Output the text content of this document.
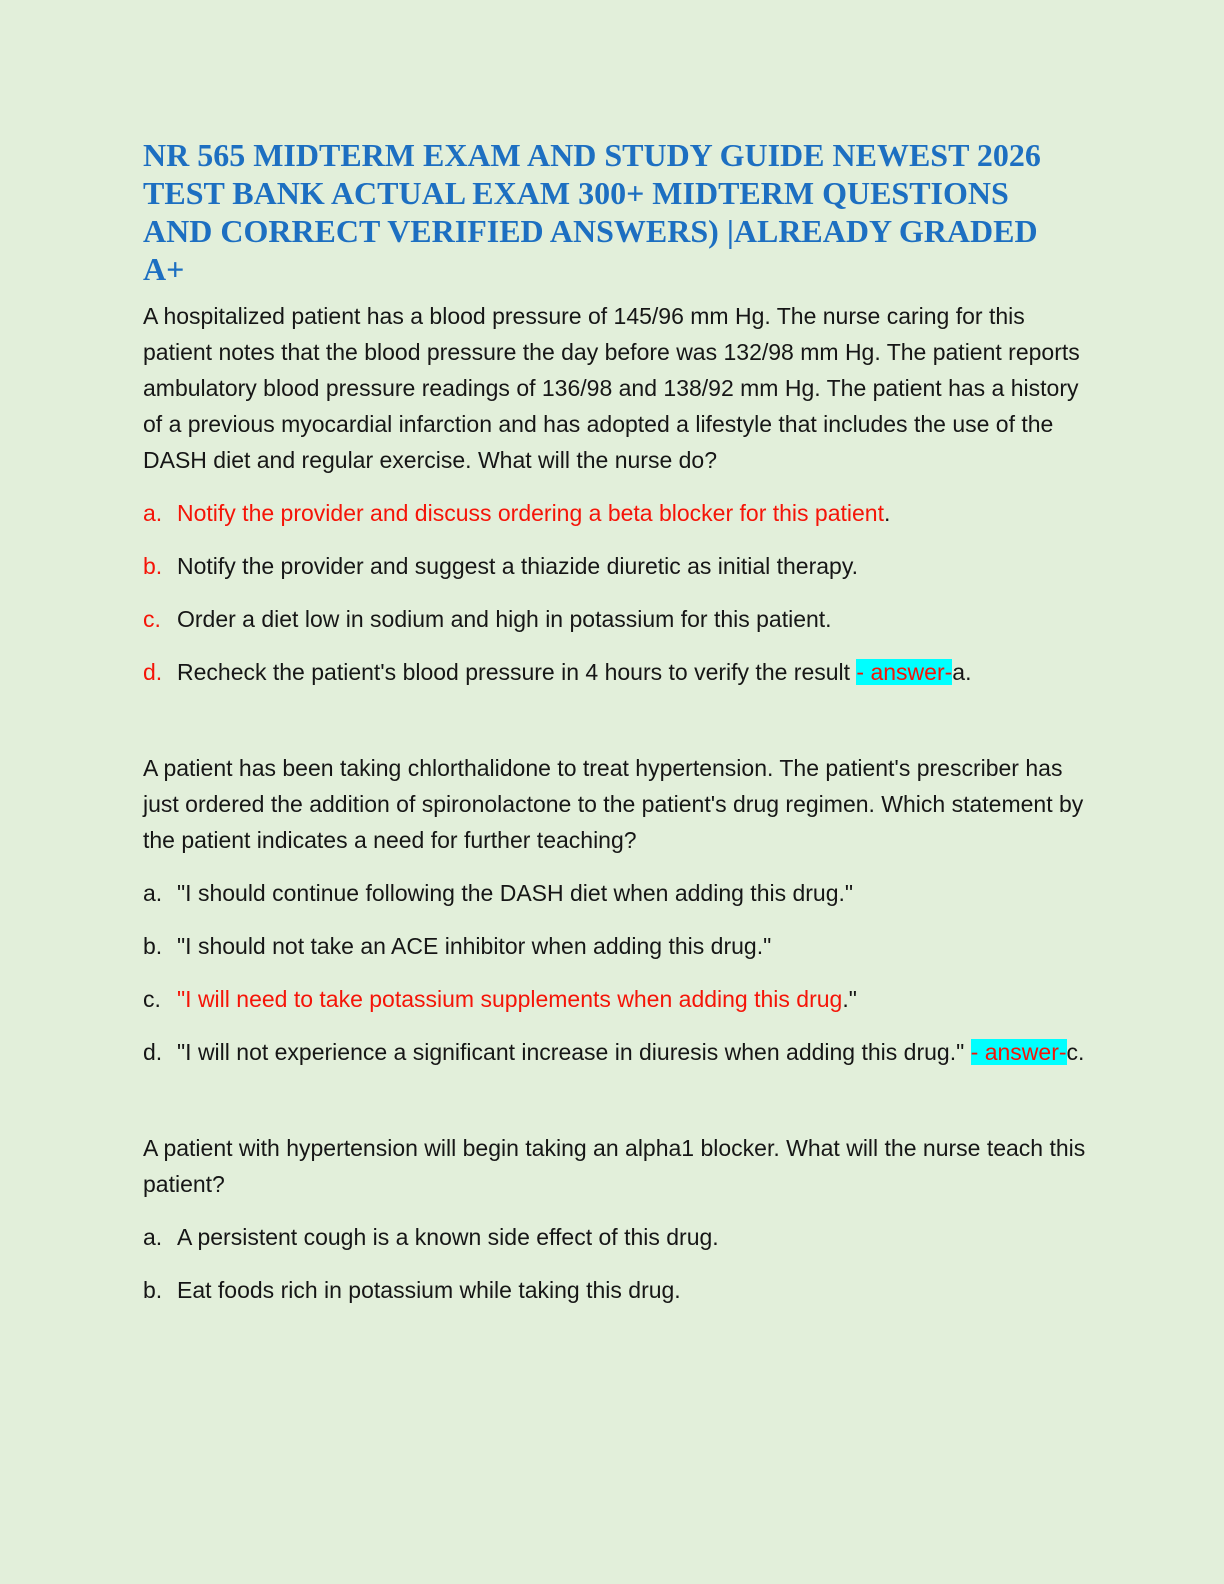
NR 565 MIDTERM EXAM AND STUDY GUIDE NEWEST 2026 TEST BANK ACTUAL EXAM 300+ MIDTERM QUESTIONS AND CORRECT VERIFIED ANSWERS) |ALREADY GRADED A+

A hospitalized patient has a blood pressure of 145/96 mm Hg. The nurse caring for this patient notes that the blood pressure the day before was 132/98 mm Hg. The patient reports ambulatory blood pressure readings of 136/98 and 138/92 mm Hg. The patient has a history of a previous myocardial infarction and has adopted a lifestyle that includes the use of the DASH diet and regular exercise. What will the nurse do?

a. Notify the provider and discuss ordering a beta blocker for this patient.

b. Notify the provider and suggest a thiazide diuretic as initial therapy.

c. Order a diet low in sodium and high in potassium for this patient.

d. Recheck the patient's blood pressure in 4 hours to verify the result - answer-a.

A patient has been taking chlorthalidone to treat hypertension. The patient's prescriber has just ordered the addition of spironolactone to the patient's drug regimen. Which statement by the patient indicates a need for further teaching?

a. "I should continue following the DASH diet when adding this drug."

b. "I should not take an ACE inhibitor when adding this drug."

c. "I will need to take potassium supplements when adding this drug."

d. "I will not experience a significant increase in diuresis when adding this drug." - answer-c.

A patient with hypertension will begin taking an alpha1 blocker. What will the nurse teach this patient?

a. A persistent cough is a known side effect of this drug.

b. Eat foods rich in potassium while taking this drug.
